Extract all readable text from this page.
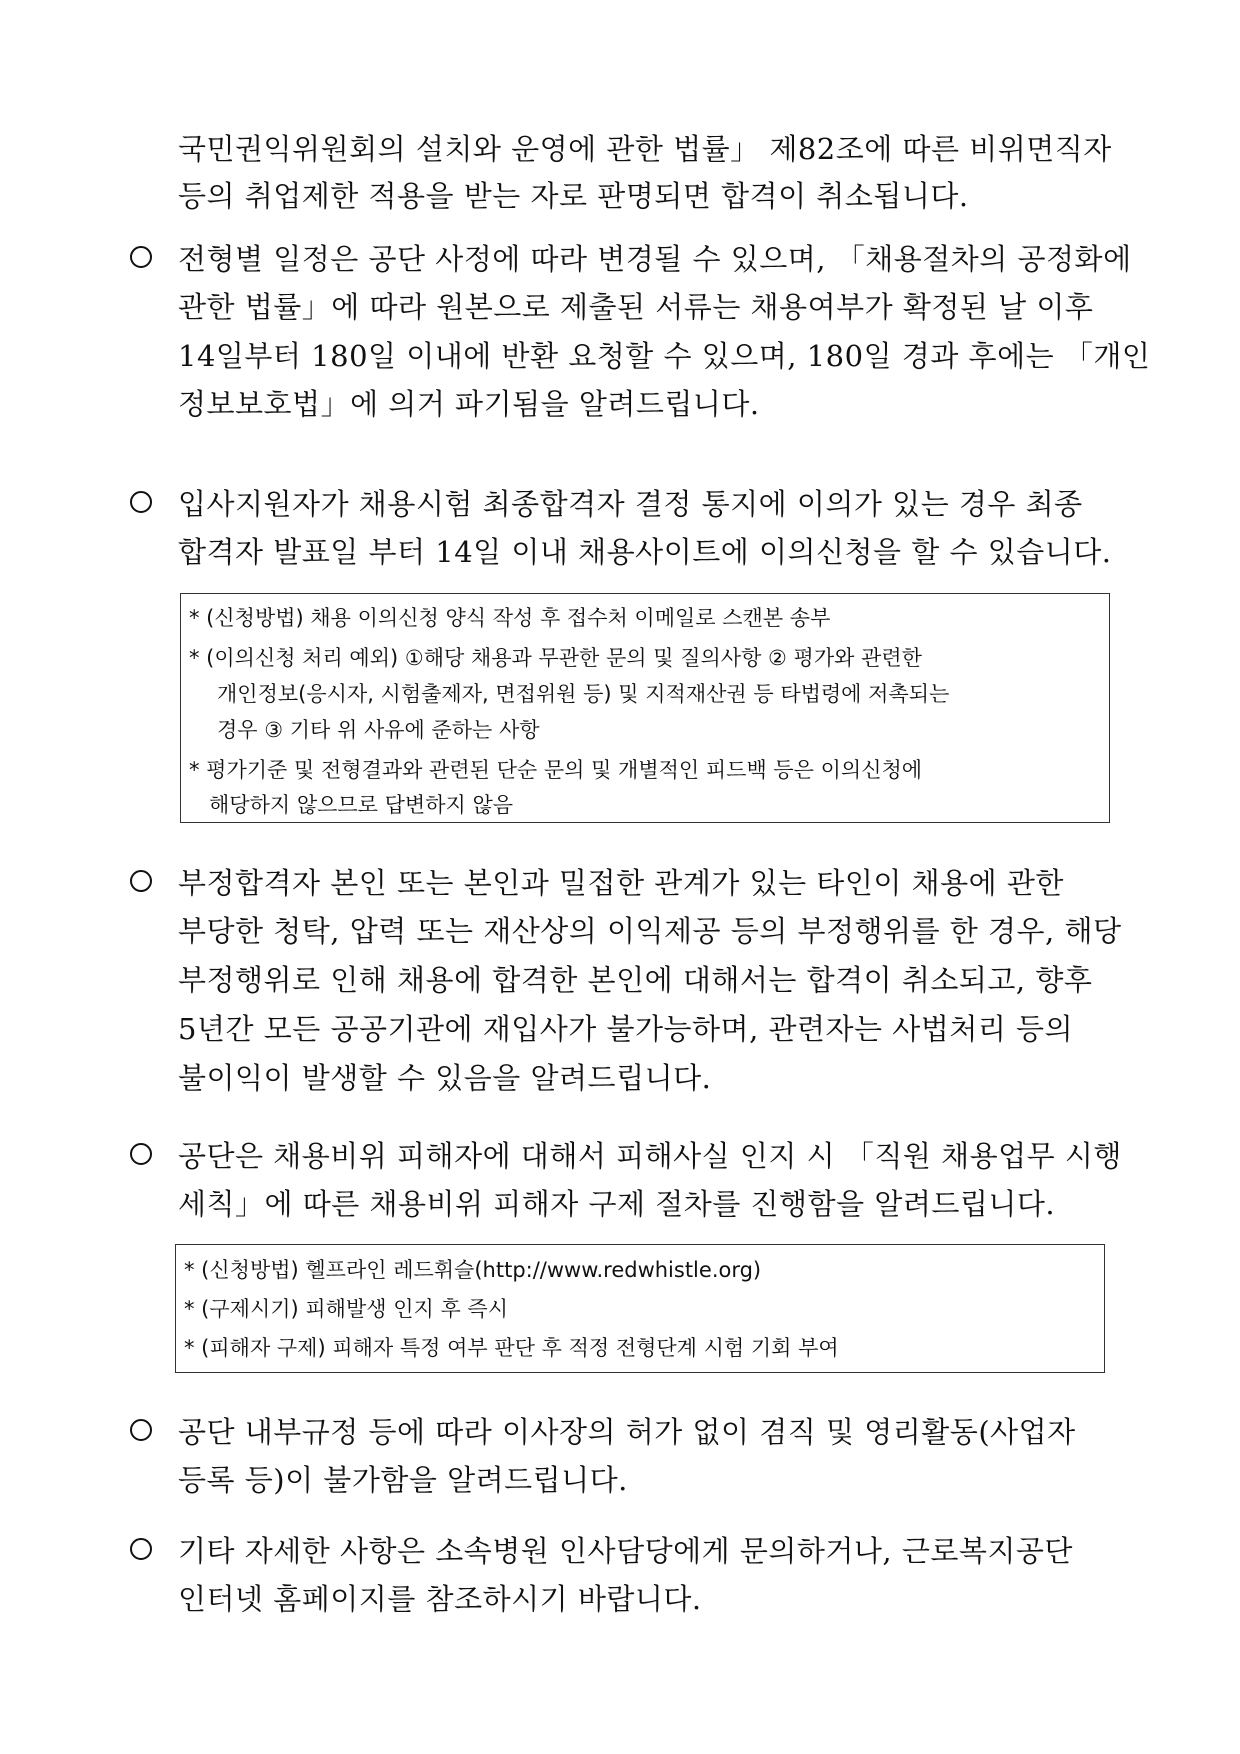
국민권익위원회의 설치와 운영에 관한 법률」 제82조에 따른 비위면직자
등의 취업제한 적용을 받는 자로 판명되면 합격이 취소됩니다.
전형별 일정은 공단 사정에 따라 변경될 수 있으며, 「채용절차의 공정화에
관한 법률」에 따라 원본으로 제출된 서류는 채용여부가 확정된 날 이후
14일부터 180일 이내에 반환 요청할 수 있으며, 180일 경과 후에는 「개인
정보보호법」에 의거 파기됨을 알려드립니다.
입사지원자가 채용시험 최종합격자 결정 통지에 이의가 있는 경우 최종
합격자 발표일 부터 14일 이내 채용사이트에 이의신청을 할 수 있습니다.
* (신청방법) 채용 이의신청 양식 작성 후 접수처 이메일로 스캔본 송부
* (이의신청 처리 예외) ①해당 채용과 무관한 문의 및 질의사항 ② 평가와 관련한
개인정보(응시자, 시험출제자, 면접위원 등) 및 지적재산권 등 타법령에 저촉되는
경우 ③ 기타 위 사유에 준하는 사항
* 평가기준 및 전형결과와 관련된 단순 문의 및 개별적인 피드백 등은 이의신청에
해당하지 않으므로 답변하지 않음
부정합격자 본인 또는 본인과 밀접한 관계가 있는 타인이 채용에 관한
부당한 청탁, 압력 또는 재산상의 이익제공 등의 부정행위를 한 경우, 해당
부정행위로 인해 채용에 합격한 본인에 대해서는 합격이 취소되고, 향후
5년간 모든 공공기관에 재입사가 불가능하며, 관련자는 사법처리 등의
불이익이 발생할 수 있음을 알려드립니다.
공단은 채용비위 피해자에 대해서 피해사실 인지 시 「직원 채용업무 시행
세칙」에 따른 채용비위 피해자 구제 절차를 진행함을 알려드립니다.
* (신청방법) 헬프라인 레드휘슬(http://www.redwhistle.org)
* (구제시기) 피해발생 인지 후 즉시
* (피해자 구제) 피해자 특정 여부 판단 후 적정 전형단계 시험 기회 부여
공단 내부규정 등에 따라 이사장의 허가 없이 겸직 및 영리활동(사업자
등록 등)이 불가함을 알려드립니다.
기타 자세한 사항은 소속병원 인사담당에게 문의하거나, 근로복지공단
인터넷 홈페이지를 참조하시기 바랍니다.
